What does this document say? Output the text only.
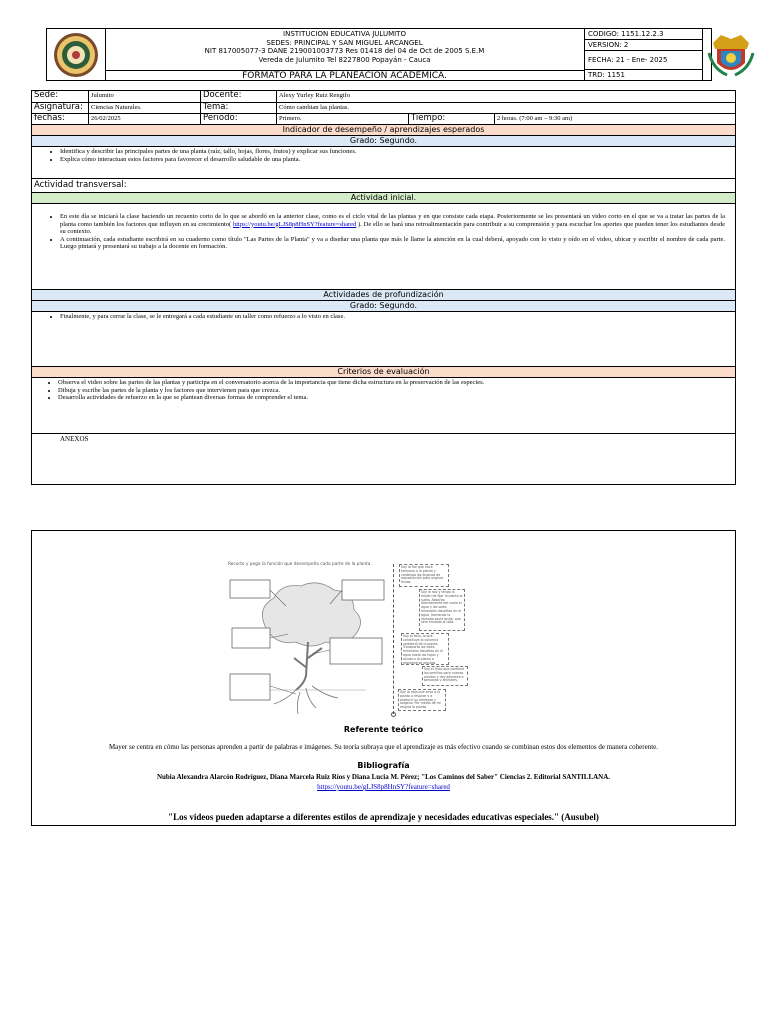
INSTITUCION EDUCATIVA JULUMITO
SEDES: PRINCIPAL Y SAN MIGUEL ARCANGEL
NIT 817005077-3 DANE 219001003773 Res 01418 del 04 de Oct de 2005 S.E.M
Vereda de Julumito Tel 8227800 Popayán - Cauca
FORMATO PARA LA PLANEACION ACADEMICA.
CODIGO: 1151.12.2.3
VERSION: 2
FECHA: 21 - Ene- 2025
TRD: 1151
Sede:	Julumito	Docente:	Alexy Yurley Ruiz Rengifo
Asignatura:	Ciencias Naturales.	Tema:	Cómo cambian las plantas.
fechas:	26/02/2025	Periodo:	Primero.	Tiempo:	2 horas. (7:00 am – 9:30 am)
Indicador de desempeño / aprendizajes esperados
Grado: Segundo.
• Identifica y describir las principales partes de una planta (raíz, tallo, hojas, flores, frutos) y explicar sus funciones.
• Explica cómo interactuan estos factores para favorecer el desarrollo saludable de una planta.
Actividad transversal:
Actividad inicial.
• En este día se iniciará la clase haciendo un recuento corto de lo que se abordó en la anterior clase, como es el ciclo vital de las plantas y en que consiste cada etapa. Posteriormente se les presentará un video corto en el que se va a tratar las partes de la planta como también los factores que influyen en su crecimiento( https://youtu.be/gLJS8p8HnSY?feature=shared ). De ello se hará una retroalimentación para contribuir a su comprensión y para escuchar los aportes que pueden tener los estudiantes desde su contexto.
• A continuación, cada estudiante escribirá en su cuaderno como título "Las Partes de la Planta" y va a diseñar una planta que más le llame la atención en la cual deberá, apoyado con lo visto y oído en el video, ubicar y escribir el nombre de cada parte. Luego pintará y presentará su trabajo a la docente en formación.
Actividades de profundización
Grado: Segundo.
• Finalmente, y para cerrar la clase, se le entregará a cada estudiante un taller como refuerzo a lo visto en clase.
Criterios de evaluación
• Observa el video sobre las partes de las plantas y participa en el conversatorio acerca de la importancia que tiene dicha estructura en la preservación de las especies.
• Dibuja y escribe las partes de la planta y los factores que intervienen para que crezca.
• Desarrolla actividades de refuerzo en la que se plantean diversas formas de comprender el tema.
ANEXOS
Recorto y pego la función que desempeña cada parte de la planta.	Soy la flor que hace hermosa a la planta y contengo los órganos de reproducción para originar frutos.
Soy la raíz y tengo la misión de fijar la planta al suelo. Absorbo directamente del suelo el agua y las sales minerales disueltas en el agua, formando la llamada savia bruta, que será enviada al tallo.
Soy el tallo, lo que constituye la columna vertebral de la planta. Transporto las sales minerales disueltas en el agua hasta las hojas y ayudo a la planta a mantenerse erguida.
Soy el fruto que contiene las semillas para nuevas plantas y doy alimento a personas y animales.
Soy la hoja que sirvo a la planta a respirar y a producir su alimento y oxígeno. Por medio de mí respira la planta.
Referente teórico
Mayer se centra en cómo las personas aprenden a partir de palabras e imágenes. Su teoría subraya que el aprendizaje es más efectivo cuando se combinan estos dos elementos de manera coherente.
Bibliografía
Nubia Alexandra Alarcón Rodríguez, Diana Marcela Ruiz Ríos y Diana Lucia M. Pérez; "Los Caminos del Saber" Ciencias 2. Editorial SANTILLANA.
https://youtu.be/gLJS8p8HnSY?feature=shared
"Los videos pueden adaptarse a diferentes estilos de aprendizaje y necesidades educativas especiales." (Ausubel)
